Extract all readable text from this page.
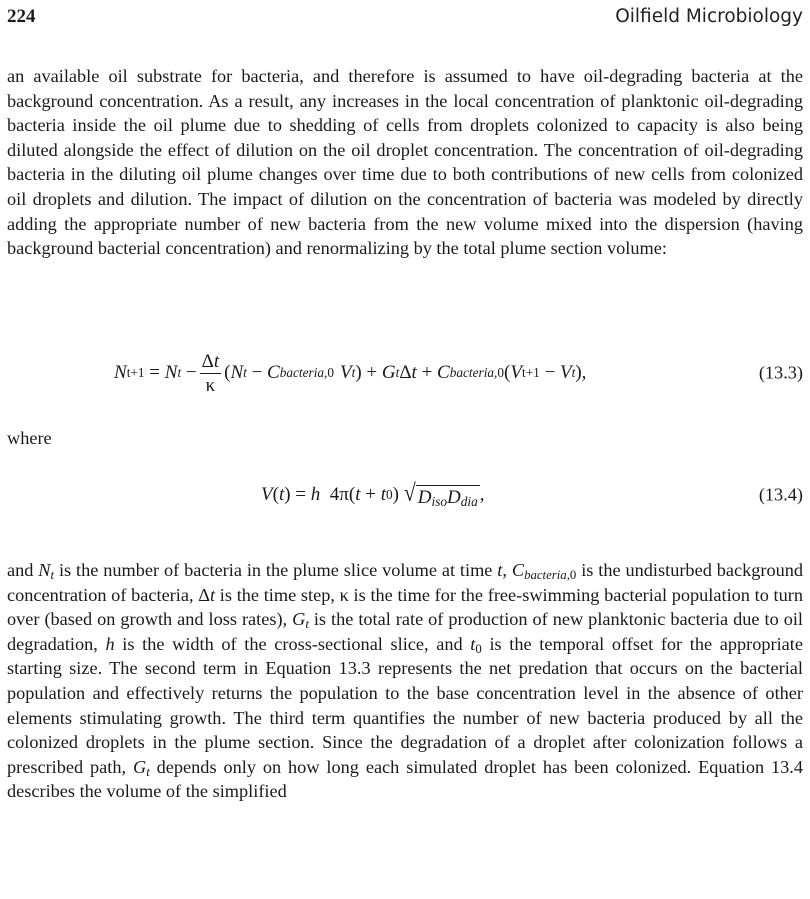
224	Oilfield Microbiology
an available oil substrate for bacteria, and therefore is assumed to have oil-degrading bacteria at the background concentration. As a result, any increases in the local concentration of planktonic oil-degrading bacteria inside the oil plume due to shedding of cells from droplets colonized to capacity is also being diluted alongside the effect of dilution on the oil droplet concentration. The concentration of oil-degrading bacteria in the diluting oil plume changes over time due to both contributions of new cells from colonized oil droplets and dilution. The impact of dilution on the concentration of bacteria was modeled by directly adding the appropriate number of new bacteria from the new volume mixed into the dispersion (having background bacterial concentration) and renormalizing by the total plume section volume:
N t+1 = N $t - \frac{\Delta t}{\kappa}$ ( N t − C bacteria,0 V t ) + G t Δ t + C bacteria,0 ( V t+1 − V t ),	(13.3)
where
V ( t ) = h 4π( t + t 0 ) √ $D_{iso}D_{dia}$ ,	(13.4)
and $N_t$ is the number of bacteria in the plume slice volume at time t, $C_{bacteria,0}$ is the undisturbed background concentration of bacteria, Δt is the time step, κ is the time for the free-swimming bacterial population to turn over (based on growth and loss rates), $G_t$ is the total rate of production of new planktonic bacteria due to oil degradation, h is the width of the cross-sectional slice, and $t_0$ is the temporal offset for the appropriate starting size. The second term in Equation 13.3 represents the net predation that occurs on the bacterial population and effectively returns the population to the base concentration level in the absence of other elements stimulating growth. The third term quantifies the number of new bacteria produced by all the colonized droplets in the plume section. Since the degradation of a droplet after colonization follows a prescribed path, $G_t$ depends only on how long each simulated droplet has been colonized. Equation 13.4 describes the volume of the simplified
